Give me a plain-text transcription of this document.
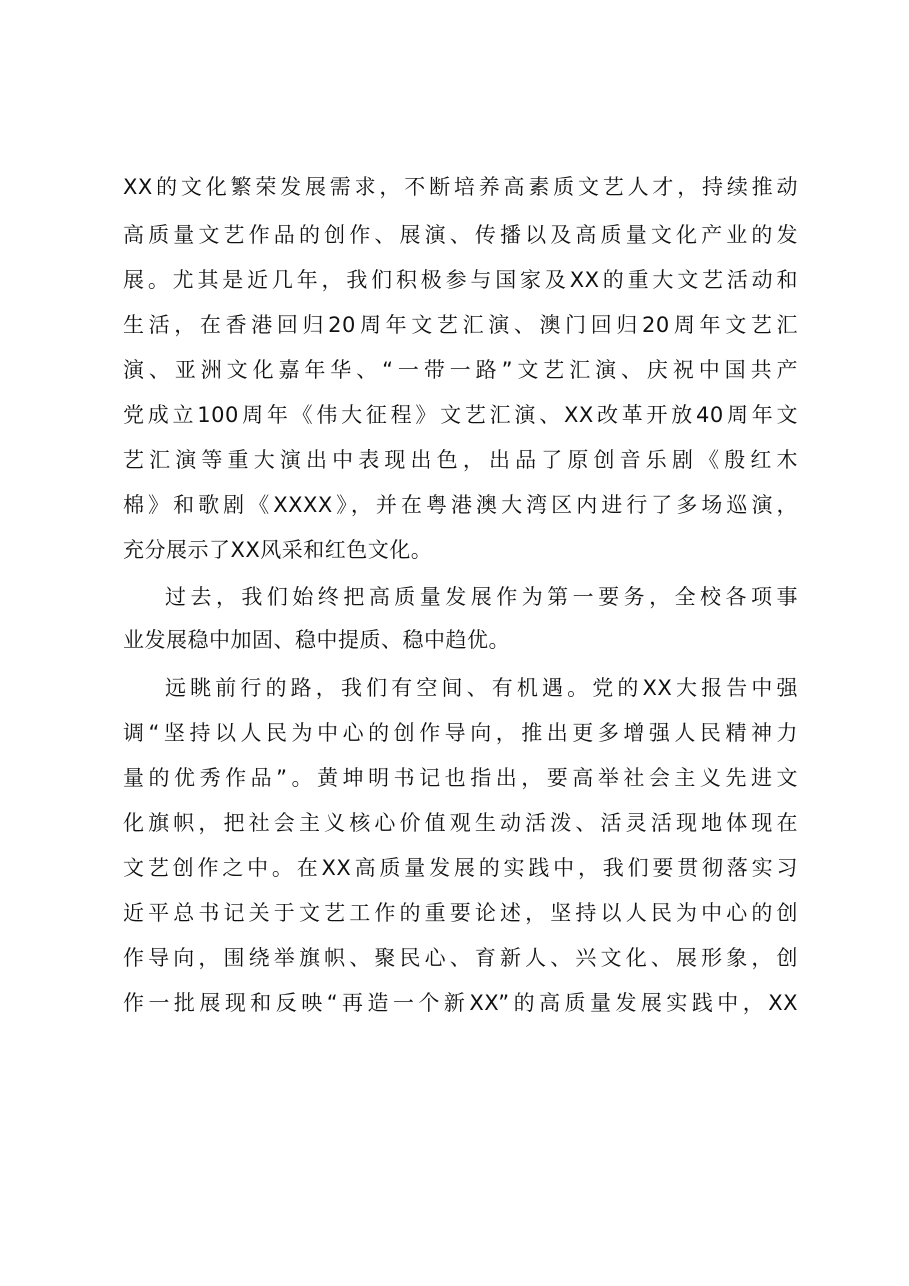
XX的文化繁荣发展需求，不断培养高素质文艺人才，持续推动
高质量文艺作品的创作、展演、传播以及高质量文化产业的发
展。尤其是近几年，我们积极参与国家及XX的重大文艺活动和
生活，在香港回归20周年文艺汇演、澳门回归20周年文艺汇
演、亚洲文化嘉年华、“一带一路”文艺汇演、庆祝中国共产
党成立100周年《伟大征程》文艺汇演、XX改革开放40周年文
艺汇演等重大演出中表现出色，出品了原创音乐剧《殷红木
棉》和歌剧《XXXX》，并在粤港澳大湾区内进行了多场巡演，
充分展示了XX风采和红色文化。
过去，我们始终把高质量发展作为第一要务，全校各项事
业发展稳中加固、稳中提质、稳中趋优。
远眺前行的路，我们有空间、有机遇。党的XX大报告中强
调“坚持以人民为中心的创作导向，推出更多增强人民精神力
量的优秀作品”。黄坤明书记也指出，要高举社会主义先进文
化旗帜，把社会主义核心价值观生动活泼、活灵活现地体现在
文艺创作之中。在XX高质量发展的实践中，我们要贯彻落实习
近平总书记关于文艺工作的重要论述，坚持以人民为中心的创
作导向，围绕举旗帜、聚民心、育新人、兴文化、展形象，创
作一批展现和反映“再造一个新XX”的高质量发展实践中，XX
